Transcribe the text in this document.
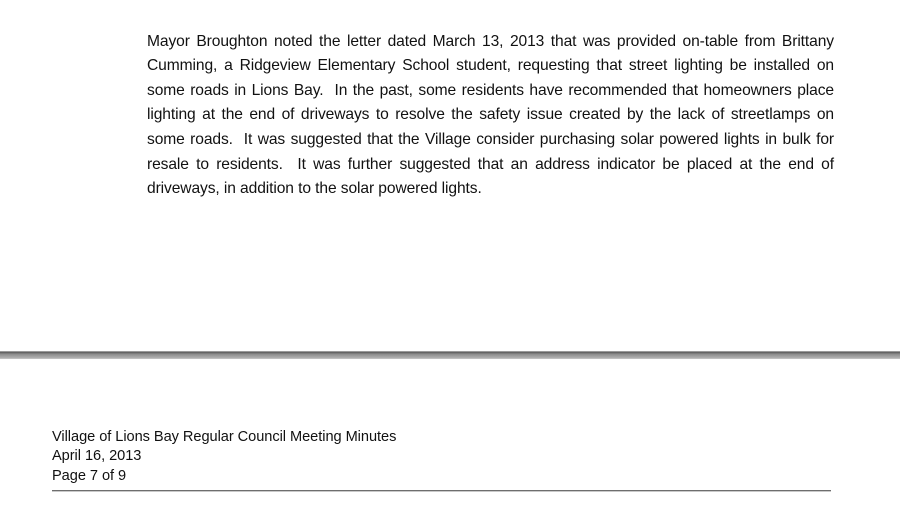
Mayor Broughton noted the letter dated March 13, 2013 that was provided on-table from Brittany Cumming, a Ridgeview Elementary School student, requesting that street lighting be installed on some roads in Lions Bay.  In the past, some residents have recommended that homeowners place lighting at the end of driveways to resolve the safety issue created by the lack of streetlamps on some roads.  It was suggested that the Village consider purchasing solar powered lights in bulk for resale to residents.  It was further suggested that an address indicator be placed at the end of driveways, in addition to the solar powered lights.

Village of Lions Bay Regular Council Meeting Minutes
April 16, 2013
Page 7 of 9
